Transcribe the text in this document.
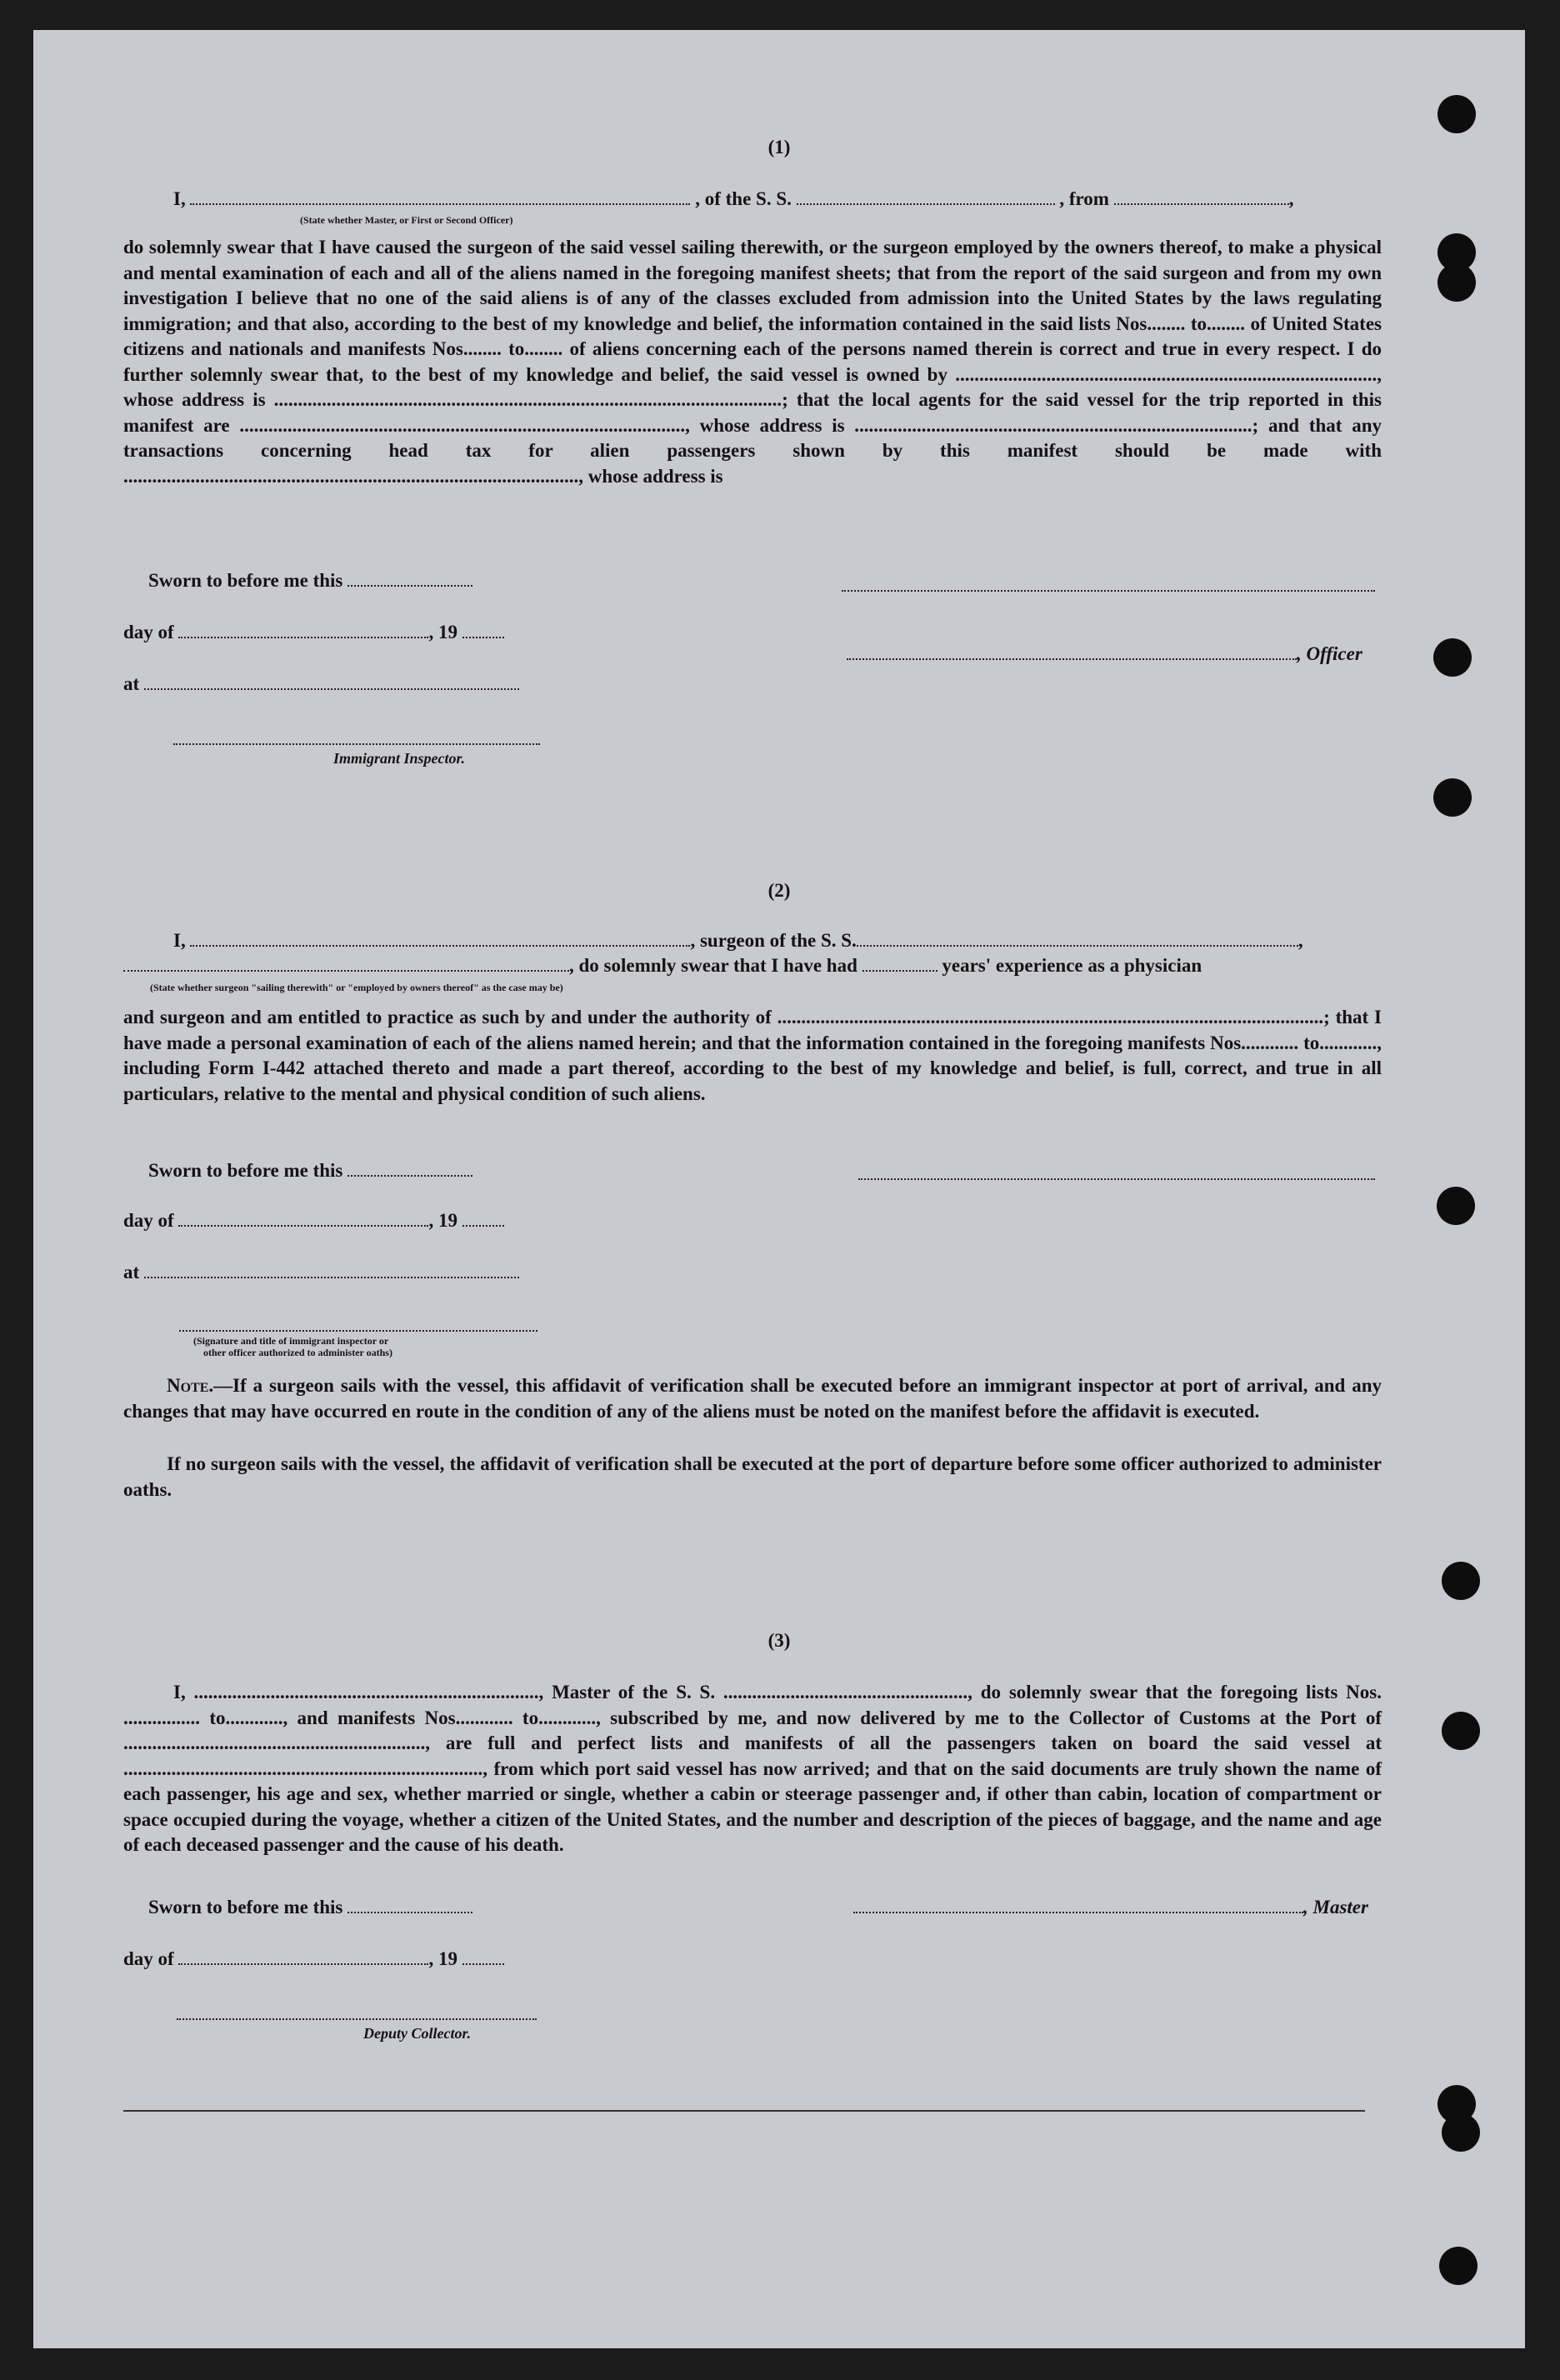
(1)
I,	, of the S. S.	, from	,
(State whether Master, or First or Second Officer)
do solemnly swear that I have caused the surgeon of the said vessel sailing therewith, or the surgeon employed by the owners thereof, to make a physical and mental examination of each and all of the aliens named in the foregoing manifest sheets; that from the report of the said surgeon and from my own investigation I believe that no one of the said aliens is of any of the classes excluded from admission into the United States by the laws regulating immigration; and that also, according to the best of my knowledge and belief, the information contained in the said lists Nos........ to........ of United States citizens and nationals and manifests Nos........ to........ of aliens concerning each of the persons named therein is correct and true in every respect. I do further solemnly swear that, to the best of my knowledge and belief, the said vessel is owned by ........................................................................................, whose address is ..........................................................................................................; that the local agents for the said vessel for the trip reported in this manifest are ............................................................................................., whose address is ...................................................................................; and that any transactions concerning head tax for alien passengers shown by this manifest should be made with ..............................................................................................., whose address is
Sworn to before me this
day of	, 19
, Officer
at
Immigrant Inspector.
(2)
I,	, surgeon of the S. S.	,
, do solemnly swear that I have had	years' experience as a physician
(State whether surgeon "sailing therewith" or "employed by owners thereof" as the case may be)
and surgeon and am entitled to practice as such by and under the authority of ..................................................................................................................; that I have made a personal examination of each of the aliens named herein; and that the information contained in the foregoing manifests Nos............ to............, including Form I-442 attached thereto and made a part thereof, according to the best of my knowledge and belief, is full, correct, and true in all particulars, relative to the mental and physical condition of such aliens.
Sworn to before me this
day of	, 19
at
(Signature and title of immigrant inspector or
other officer authorized to administer oaths)
Note.—If a surgeon sails with the vessel, this affidavit of verification shall be executed before an immigrant inspector at port of arrival, and any changes that may have occurred en route in the condition of any of the aliens must be noted on the manifest before the affidavit is executed.
If no surgeon sails with the vessel, the affidavit of verification shall be executed at the port of departure before some officer authorized to administer oaths.
(3)
I, ........................................................................, Master of the S. S. ..................................................., do solemnly swear that the foregoing lists Nos. ................ to............, and manifests Nos............ to............, subscribed by me, and now delivered by me to the Collector of Customs at the Port of ..............................................................., are full and perfect lists and manifests of all the passengers taken on board the said vessel at ..........................................................................., from which port said vessel has now arrived; and that on the said documents are truly shown the name of each passenger, his age and sex, whether married or single, whether a cabin or steerage passenger and, if other than cabin, location of compartment or space occupied during the voyage, whether a citizen of the United States, and the number and description of the pieces of baggage, and the name and age of each deceased passenger and the cause of his death.
Sworn to before me this	, Master
day of	, 19
Deputy Collector.
